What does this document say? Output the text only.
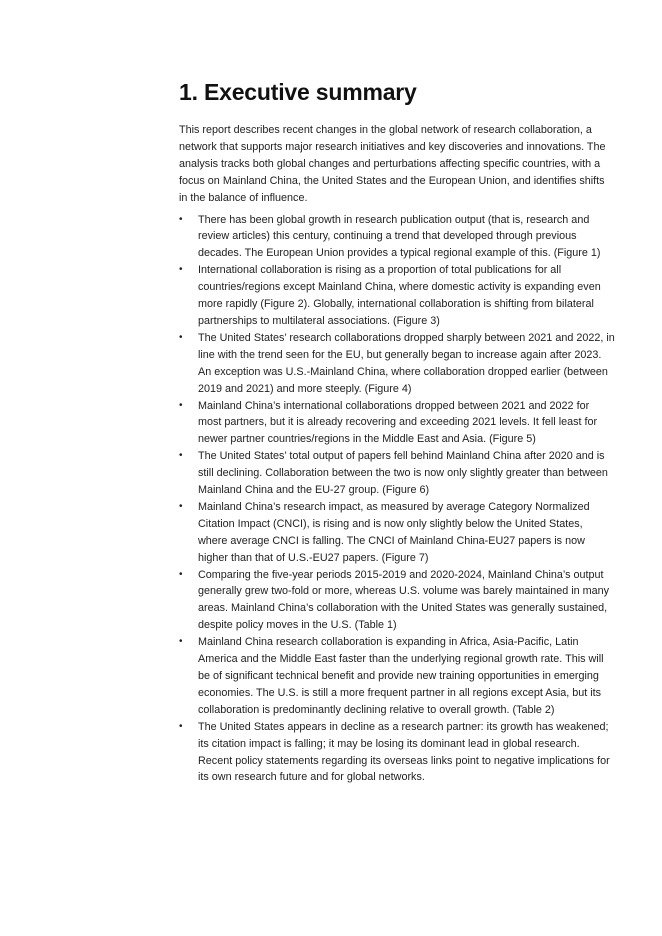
1. Executive summary

This report describes recent changes in the global network of research collaboration, a network that supports major research initiatives and key discoveries and innovations. The analysis tracks both global changes and perturbations affecting specific countries, with a focus on Mainland China, the United States and the European Union, and identifies shifts in the balance of influence.

•	There has been global growth in research publication output (that is, research and review articles) this century, continuing a trend that developed through previous decades. The European Union provides a typical regional example of this. (Figure 1)
•	International collaboration is rising as a proportion of total publications for all countries/regions except Mainland China, where domestic activity is expanding even more rapidly (Figure 2). Globally, international collaboration is shifting from bilateral partnerships to multilateral associations. (Figure 3)
•	The United States’ research collaborations dropped sharply between 2021 and 2022, in line with the trend seen for the EU, but generally began to increase again after 2023. An exception was U.S.-Mainland China, where collaboration dropped earlier (between 2019 and 2021) and more steeply. (Figure 4)
•	Mainland China’s international collaborations dropped between 2021 and 2022 for most partners, but it is already recovering and exceeding 2021 levels. It fell least for newer partner countries/regions in the Middle East and Asia. (Figure 5)
•	The United States’ total output of papers fell behind Mainland China after 2020 and is still declining. Collaboration between the two is now only slightly greater than between Mainland China and the EU-27 group. (Figure 6)
•	Mainland China’s research impact, as measured by average Category Normalized Citation Impact (CNCI), is rising and is now only slightly below the United States, where average CNCI is falling. The CNCI of Mainland China-EU27 papers is now higher than that of U.S.-EU27 papers. (Figure 7)
•	Comparing the five-year periods 2015-2019 and 2020-2024, Mainland China’s output generally grew two-fold or more, whereas U.S. volume was barely maintained in many areas. Mainland China’s collaboration with the United States was generally sustained, despite policy moves in the U.S. (Table 1)
•	Mainland China research collaboration is expanding in Africa, Asia-Pacific, Latin America and the Middle East faster than the underlying regional growth rate. This will be of significant technical benefit and provide new training opportunities in emerging economies. The U.S. is still a more frequent partner in all regions except Asia, but its collaboration is predominantly declining relative to overall growth. (Table 2)
•	The United States appears in decline as a research partner: its growth has weakened; its citation impact is falling; it may be losing its dominant lead in global research. Recent policy statements regarding its overseas links point to negative implications for its own research future and for global networks.
